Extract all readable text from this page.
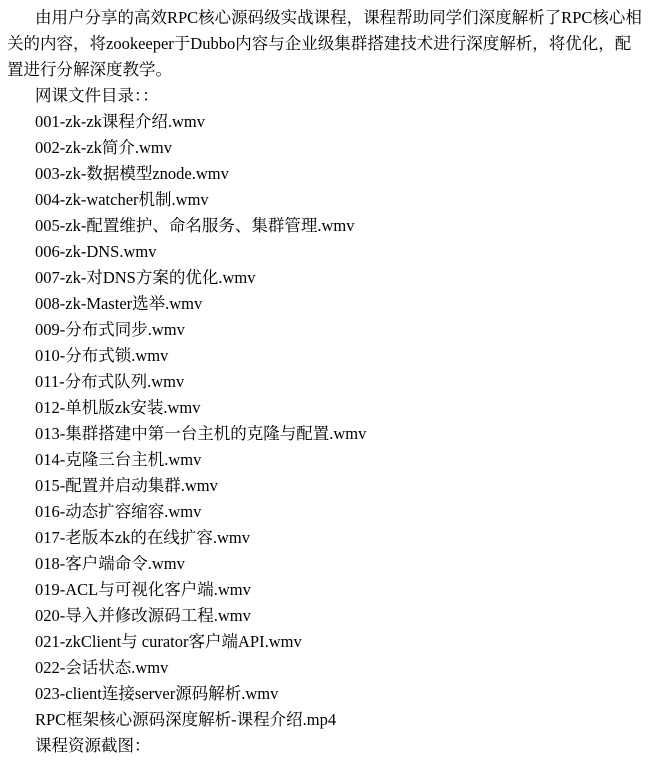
由用户分享的高效RPC核心源码级实战课程，课程帮助同学们深度解析了RPC核心相关的内容，将zookeeper于Dubbo内容与企业级集群搭建技术进行深度解析，将优化，配置进行分解深度教学。

网课文件目录：：

001-zk-zk课程介绍.wmv

002-zk-zk简介.wmv

003-zk-数据模型znode.wmv

004-zk-watcher机制.wmv

005-zk-配置维护、命名服务、集群管理.wmv

006-zk-DNS.wmv

007-zk-对DNS方案的优化.wmv

008-zk-Master选举.wmv

009-分布式同步.wmv

010-分布式锁.wmv

011-分布式队列.wmv

012-单机版zk安装.wmv

013-集群搭建中第一台主机的克隆与配置.wmv

014-克隆三台主机.wmv

015-配置并启动集群.wmv

016-动态扩容缩容.wmv

017-老版本zk的在线扩容.wmv

018-客户端命令.wmv

019-ACL与可视化客户端.wmv

020-导入并修改源码工程.wmv

021-zkClient与 curator客户端API.wmv

022-会话状态.wmv

023-client连接server源码解析.wmv

RPC框架核心源码深度解析-课程介绍.mp4

课程资源截图：
